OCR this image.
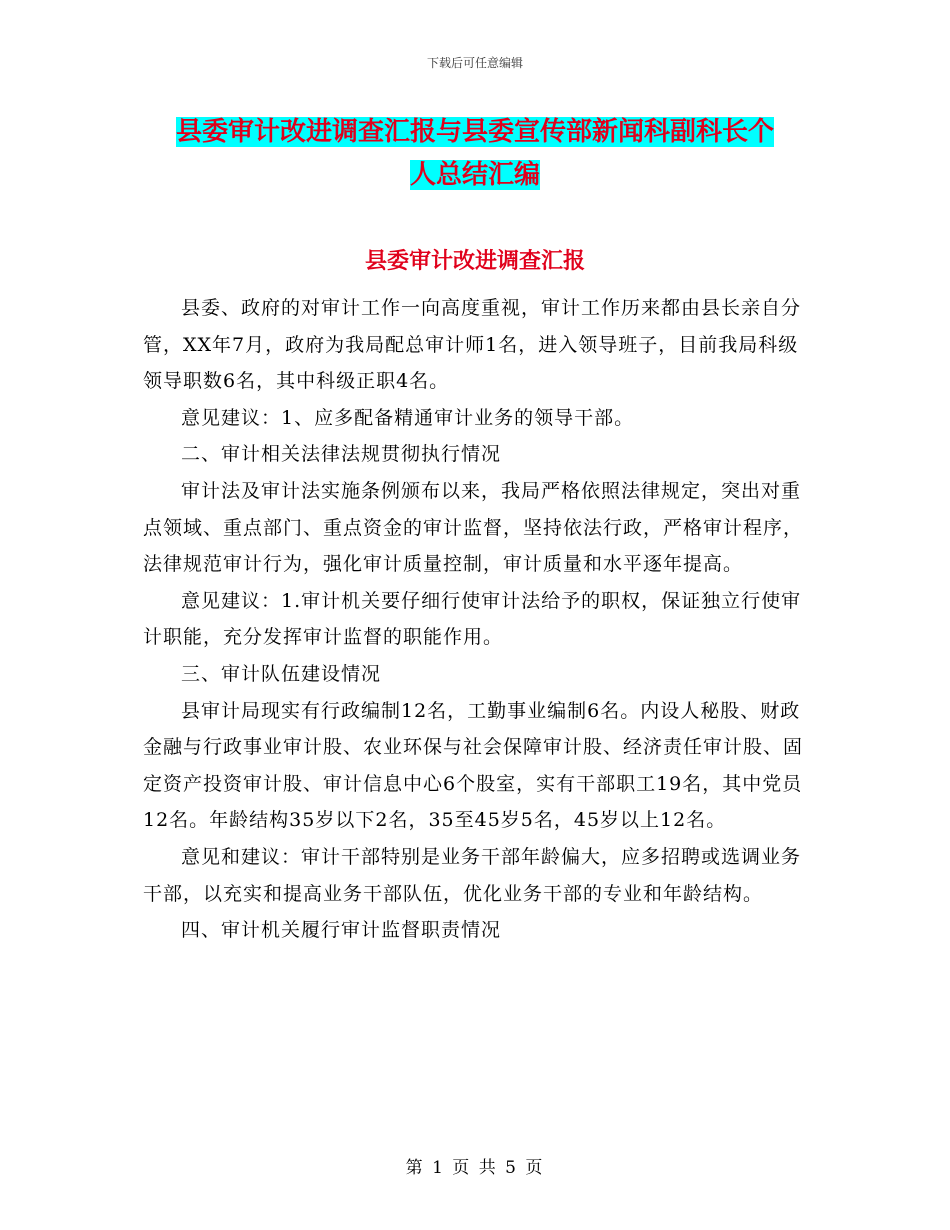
下载后可任意编辑
县委审计改进调查汇报与县委宣传部新闻科副科长个
人总结汇编
县委审计改进调查汇报

县委、政府的对审计工作一向高度重视，审计工作历来都由县长亲自分管，XX年7月，政府为我局配总审计师1名，进入领导班子，目前我局科级领导职数6名，其中科级正职4名。

意见建议：1、应多配备精通审计业务的领导干部。

二、审计相关法律法规贯彻执行情况

审计法及审计法实施条例颁布以来，我局严格依照法律规定，突出对重点领域、重点部门、重点资金的审计监督，坚持依法行政，严格审计程序，法律规范审计行为，强化审计质量控制，审计质量和水平逐年提高。

意见建议：1.审计机关要仔细行使审计法给予的职权，保证独立行使审计职能，充分发挥审计监督的职能作用。

三、审计队伍建设情况

县审计局现实有行政编制12名，工勤事业编制6名。内设人秘股、财政金融与行政事业审计股、农业环保与社会保障审计股、经济责任审计股、固定资产投资审计股、审计信息中心6个股室，实有干部职工19名，其中党员12名。年龄结构35岁以下2名，35至45岁5名，45岁以上12名。

意见和建议：审计干部特别是业务干部年龄偏大，应多招聘或选调业务干部，以充实和提高业务干部队伍，优化业务干部的专业和年龄结构。

四、审计机关履行审计监督职责情况

第 1 页 共 5 页
